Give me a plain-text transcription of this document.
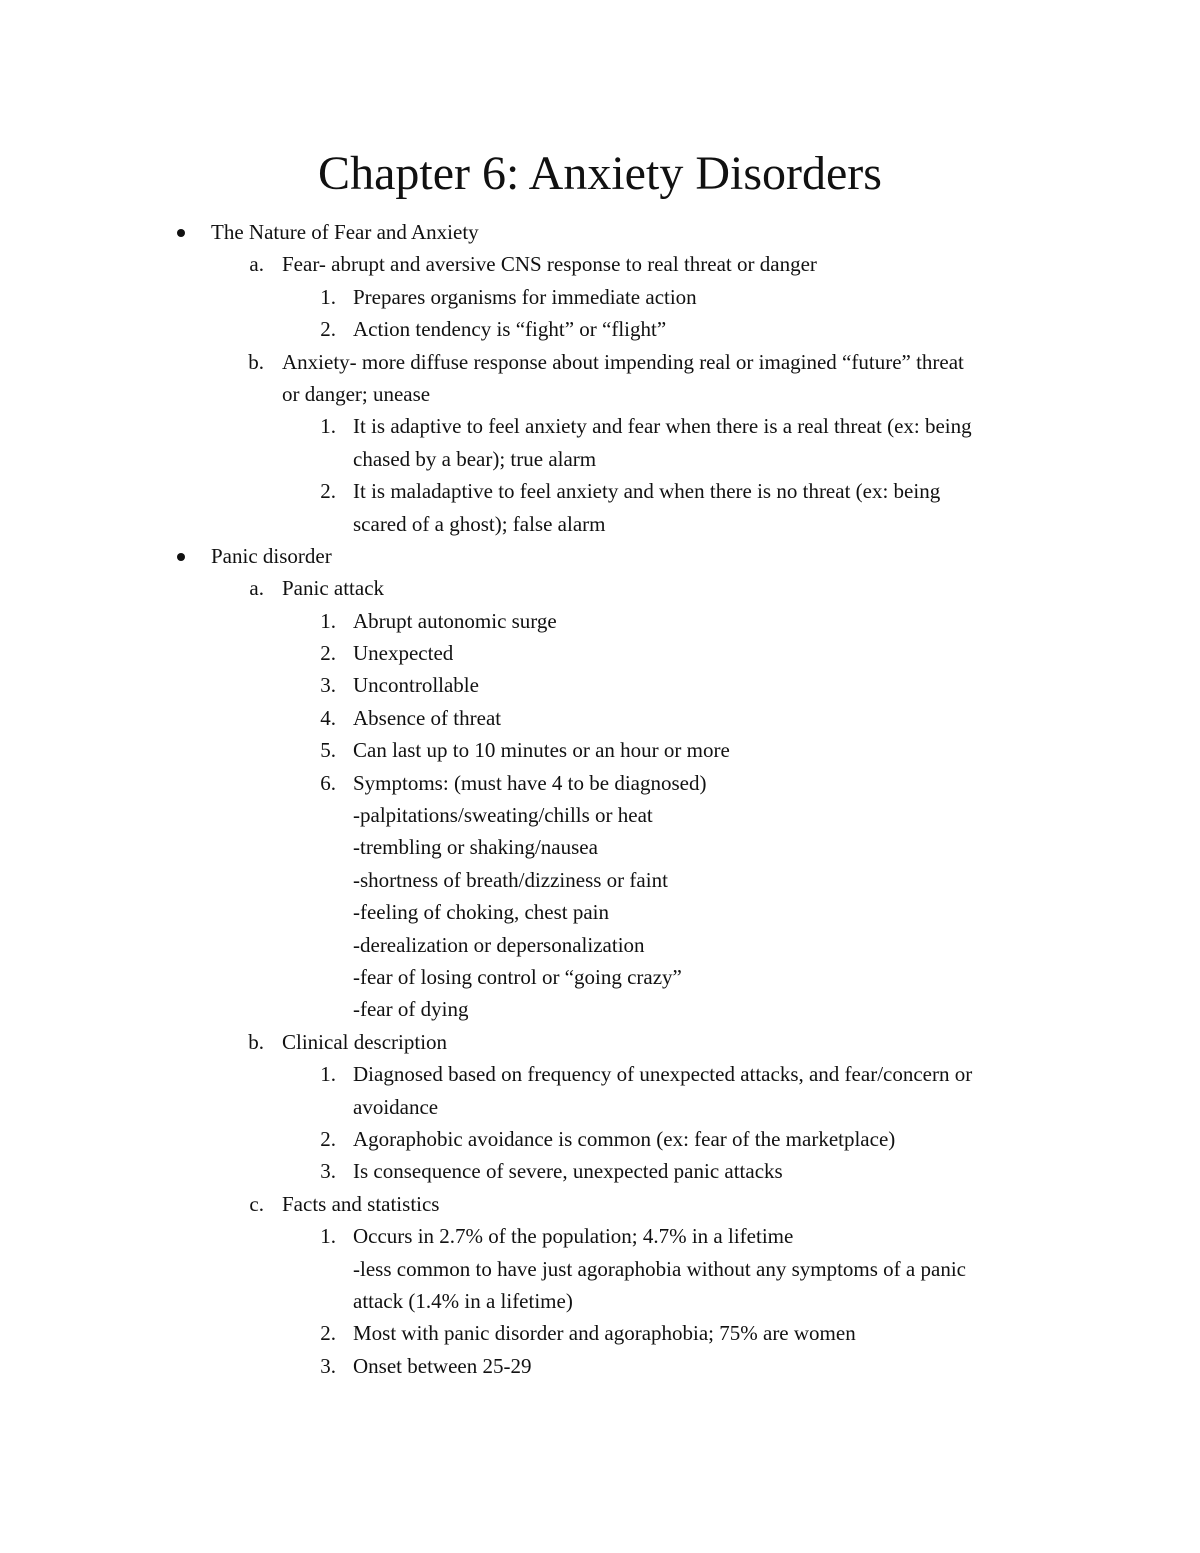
Chapter 6: Anxiety Disorders
The Nature of Fear and Anxiety
a. Fear- abrupt and aversive CNS response to real threat or danger
1. Prepares organisms for immediate action
2. Action tendency is “fight” or “flight”
b. Anxiety- more diffuse response about impending real or imagined “future” threat
or danger; unease
1. It is adaptive to feel anxiety and fear when there is a real threat (ex: being
chased by a bear); true alarm
2. It is maladaptive to feel anxiety and when there is no threat (ex: being
scared of a ghost); false alarm
Panic disorder
a. Panic attack
1. Abrupt autonomic surge
2. Unexpected
3. Uncontrollable
4. Absence of threat
5. Can last up to 10 minutes or an hour or more
6. Symptoms: (must have 4 to be diagnosed)
-palpitations/sweating/chills or heat
-trembling or shaking/nausea
-shortness of breath/dizziness or faint
-feeling of choking, chest pain
-derealization or depersonalization
-fear of losing control or “going crazy”
-fear of dying
b. Clinical description
1. Diagnosed based on frequency of unexpected attacks, and fear/concern or
avoidance
2. Agoraphobic avoidance is common (ex: fear of the marketplace)
3. Is consequence of severe, unexpected panic attacks
c. Facts and statistics
1. Occurs in 2.7% of the population; 4.7% in a lifetime
-less common to have just agoraphobia without any symptoms of a panic
attack (1.4% in a lifetime)
2. Most with panic disorder and agoraphobia; 75% are women
3. Onset between 25-29
